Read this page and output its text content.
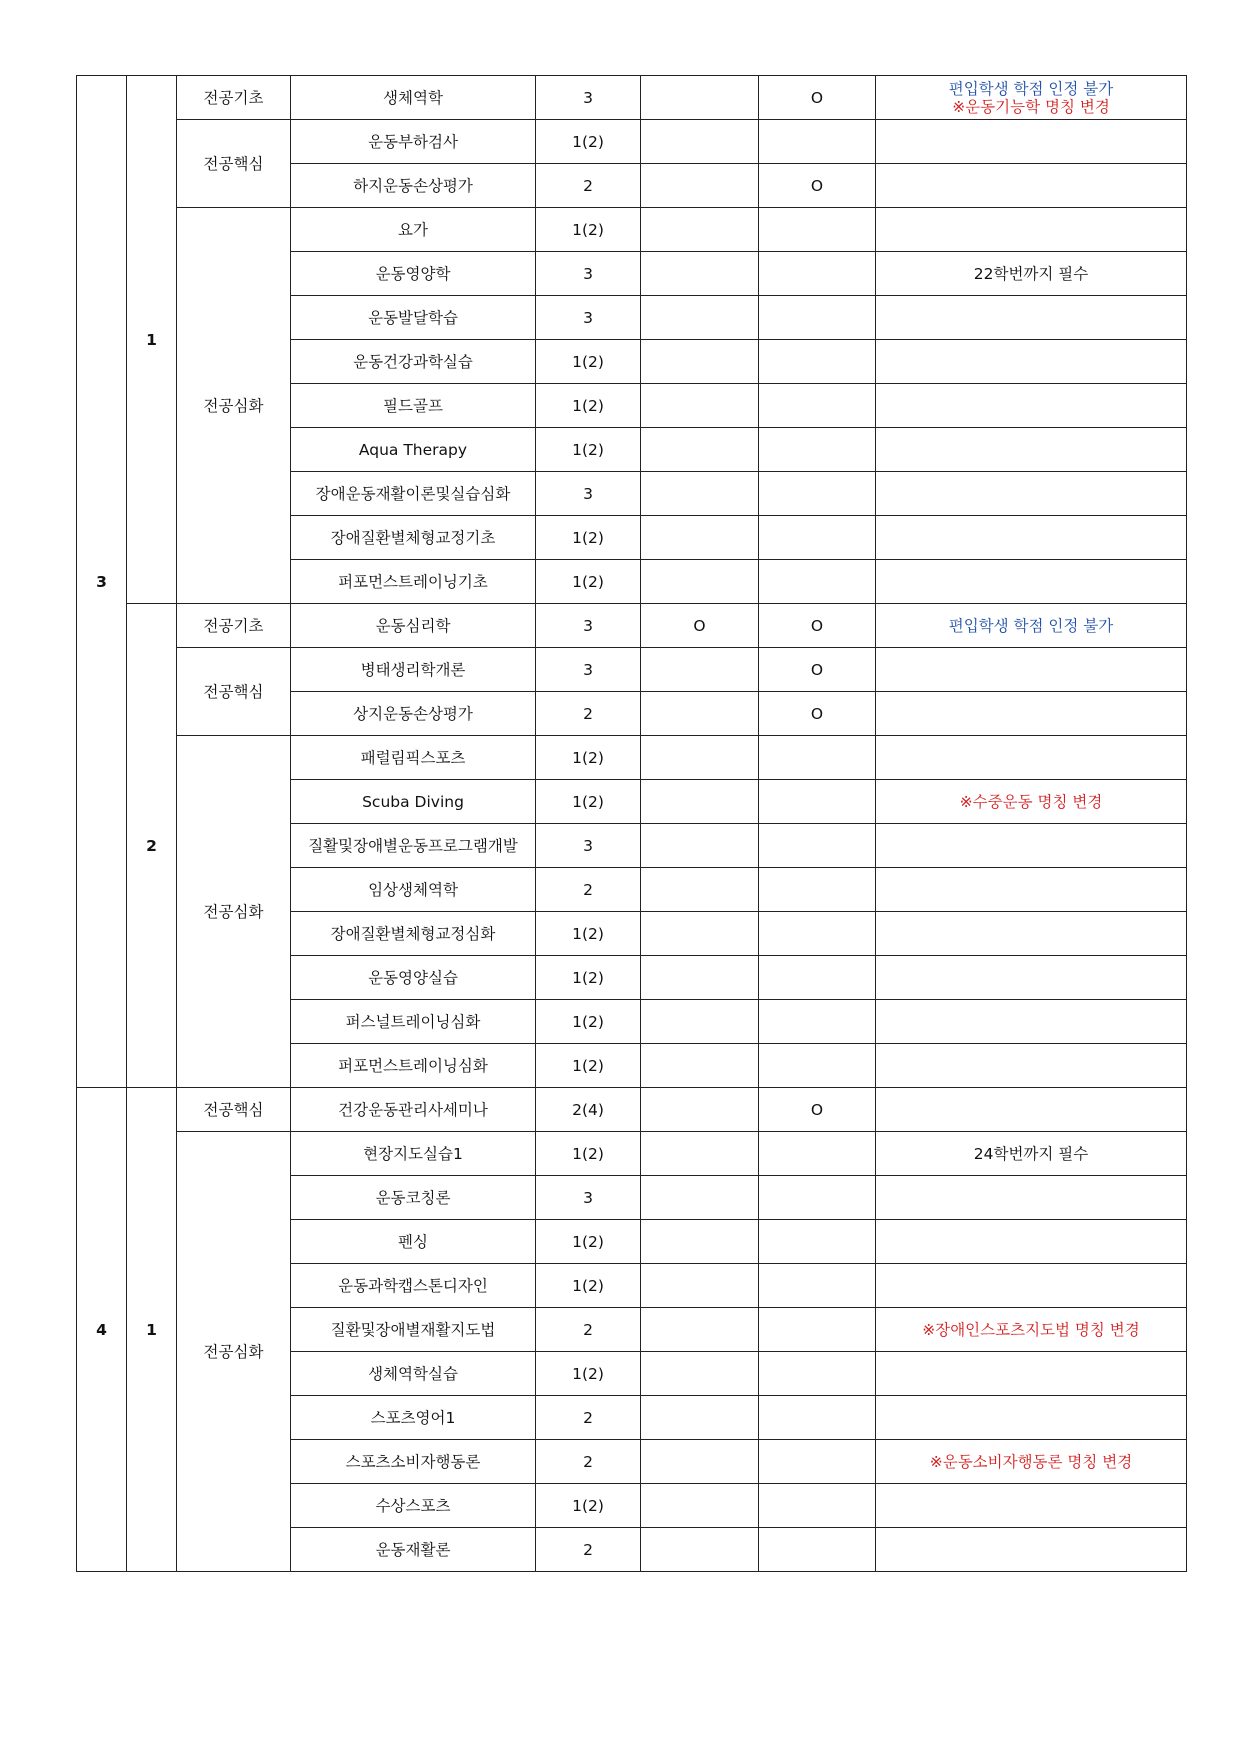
3	1	전공기초	생체역학	3		O	편입학생 학점 인정 불가
※운동기능학 명칭 변경

		전공핵심	운동부하검사	1(2)			
			하지운동손상평가	2		O	
		전공심화	요가	1(2)			
			운동영양학	3			22학번까지 필수

			운동발달학습	3			
			운동건강과학실습	1(2)			
			필드골프	1(2)			
			Aqua Therapy	1(2)			
			장애운동재활이론및실습심화	3			
			장애질환별체형교정기초	1(2)			
			퍼포먼스트레이닝기초	1(2)			
	2	전공기초	운동심리학	3	O	O	편입학생 학점 인정 불가

		전공핵심	병태생리학개론	3		O	
			상지운동손상평가	2		O	
		전공심화	패럴림픽스포츠	1(2)			
			Scuba Diving	1(2)			※수중운동 명칭 변경

			질활및장애별운동프로그램개발	3			
			임상생체역학	2			
			장애질환별체형교정심화	1(2)			
			운동영양실습	1(2)			
			퍼스널트레이닝심화	1(2)			
			퍼포먼스트레이닝심화	1(2)			
4	1	전공핵심	건강운동관리사세미나	2(4)		O	
		전공심화	현장지도실습1	1(2)			24학번까지 필수

			운동코칭론	3			
			펜싱	1(2)			
			운동과학캡스톤디자인	1(2)			
			질환및장애별재활지도법	2			※장애인스포츠지도법 명칭 변경

			생체역학실습	1(2)			
			스포츠영어1	2			
			스포츠소비자행동론	2			※운동소비자행동론 명칭 변경

			수상스포츠	1(2)			
			운동재활론	2			
